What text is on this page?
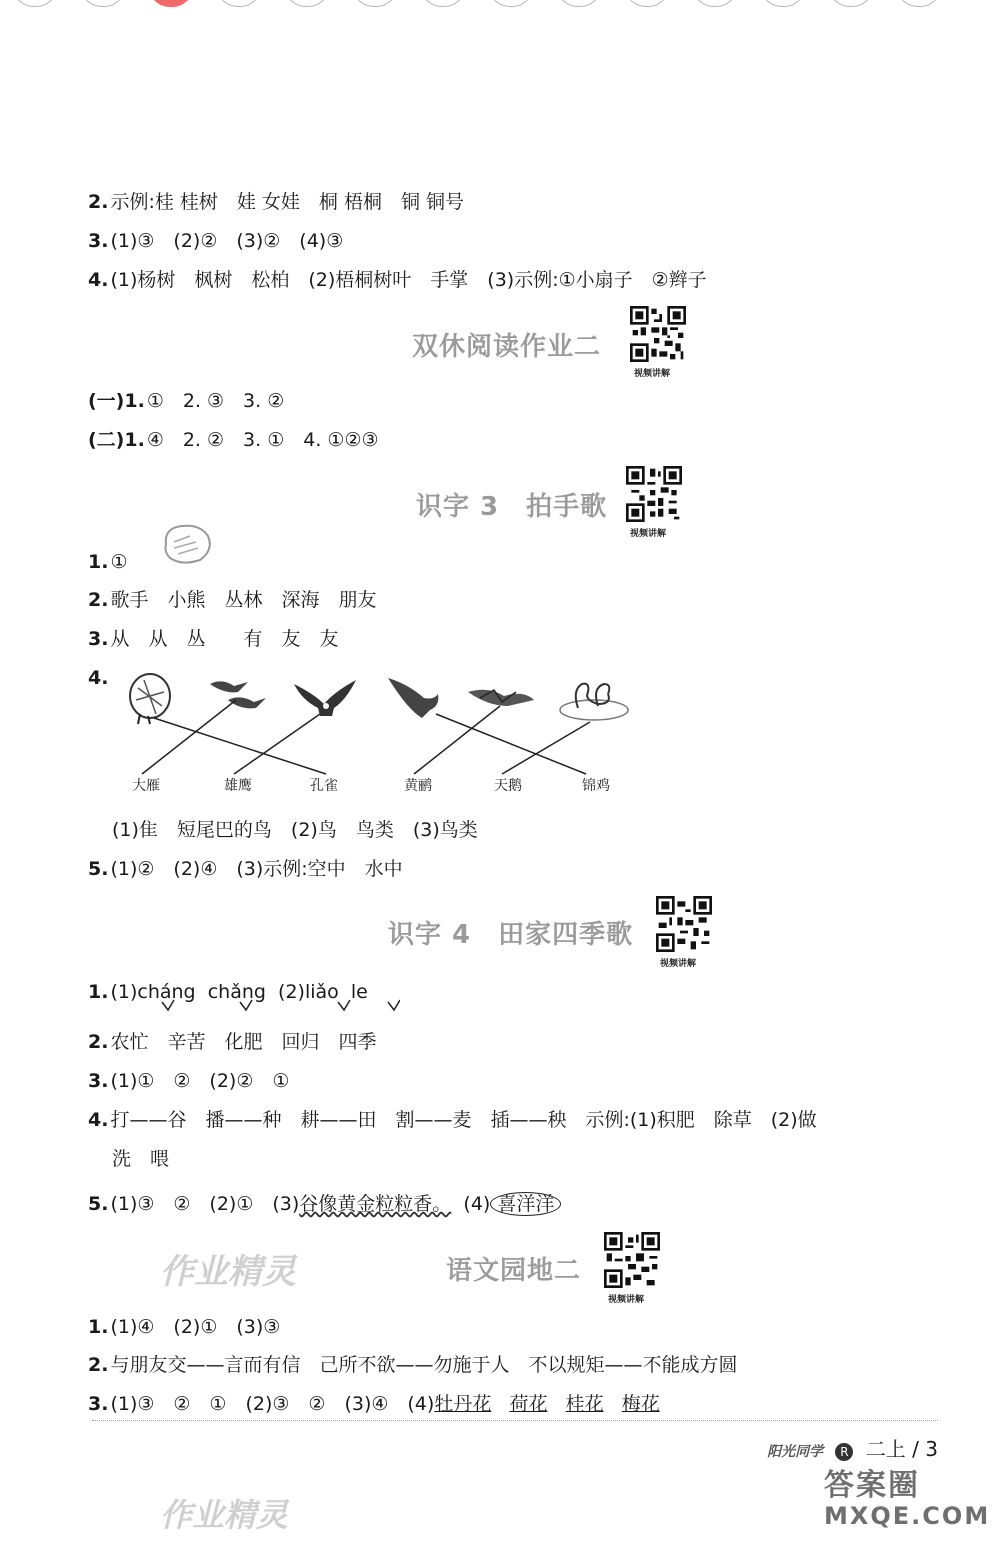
2. 示例:桂 桂树　娃 女娃　桐 梧桐　铜 铜号
3. (1)③　(2)②　(3)②　(4)③
4. (1)杨树　枫树　松柏　(2)梧桐树叶　手掌　(3)示例:①小扇子　②辫子
双休阅读作业二
视频讲解
(一)1. ①　2. ③　3. ②
(二)1. ④　2. ②　3. ①　4. ①②③
识字 3　拍手歌
视频讲解
1. ①
2. 歌手　小熊　丛林　深海　朋友
3. 从　从　丛　　有　友　友
4.
大雁	雄鹰	孔雀	黄鹂	天鹅	锦鸡
(1)隹　短尾巴的鸟　(2)鸟　鸟类　(3)鸟类
5. (1)②　(2)④　(3)示例:空中　水中
识字 4　田家四季歌
视频讲解
1. (1)cháng chǎng (2)liǎo le
2. 农忙　辛苦　化肥　回归　四季
3. (1)①　②　(2)②　①
4. 打——谷　播——种　耕——田　割——麦　插——秧　示例:(1)积肥　除草　(2)做
洗　喂
5. (1)③　②　(2)①　(3)谷像黄金粒粒香。 (4) 喜洋洋
作业精灵	语文园地二
视频讲解
1. (1)④　(2)①　(3)③
2. 与朋友交——言而有信　己所不欲——勿施于人　不以规矩——不能成方圆
3. (1)③　②　①　(2)③　②　(3)④　(4)牡丹花 荷花 桂花 梅花
阳光同学 R 二上 / 3
作业精灵
答案圈
MXQE.COM
